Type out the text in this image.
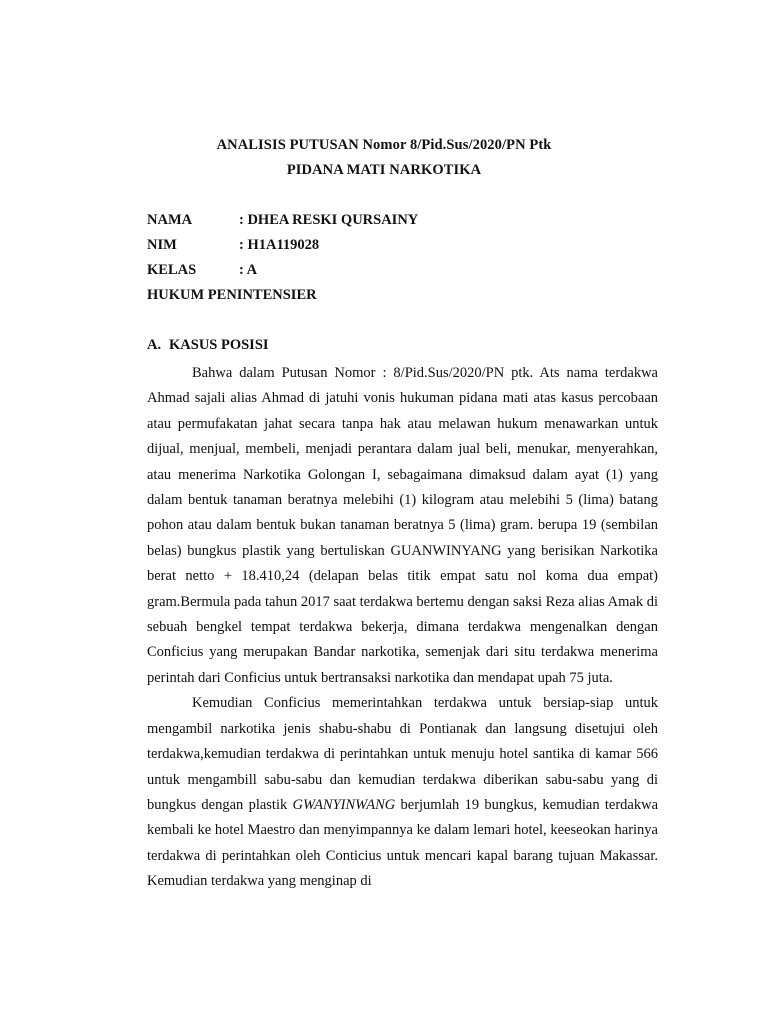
ANALISIS PUTUSAN Nomor 8/Pid.Sus/2020/PN Ptk
PIDANA MATI NARKOTIKA
NAMA	: DHEA RESKI QURSAINY
NIM	: H1A119028
KELAS	: A
HUKUM PENINTENSIER
A. KASUS POSISI

Bahwa dalam Putusan Nomor : 8/Pid.Sus/2020/PN ptk. Ats nama terdakwa Ahmad sajali alias Ahmad di jatuhi vonis hukuman pidana mati atas kasus percobaan atau permufakatan jahat secara tanpa hak atau melawan hukum menawarkan untuk dijual, menjual, membeli, menjadi perantara dalam jual beli, menukar, menyerahkan, atau menerima Narkotika Golongan I, sebagaimana dimaksud dalam ayat (1) yang dalam bentuk tanaman beratnya melebihi (1) kilogram atau melebihi 5 (lima) batang pohon atau dalam bentuk bukan tanaman beratnya 5 (lima) gram. berupa 19 (sembilan belas) bungkus plastik yang bertuliskan GUANWINYANG yang berisikan Narkotika berat netto + 18.410,24 (delapan belas titik empat satu nol koma dua empat) gram.Bermula pada tahun 2017 saat terdakwa bertemu dengan saksi Reza alias Amak di sebuah bengkel tempat terdakwa bekerja, dimana terdakwa mengenalkan dengan Conficius yang merupakan Bandar narkotika, semenjak dari situ terdakwa menerima perintah dari Conficius untuk bertransaksi narkotika dan mendapat upah 75 juta.

Kemudian Conficius memerintahkan terdakwa untuk bersiap-siap untuk mengambil narkotika jenis shabu-shabu di Pontianak dan langsung disetujui oleh terdakwa,kemudian terdakwa di perintahkan untuk menuju hotel santika di kamar 566 untuk mengambill sabu-sabu dan kemudian terdakwa diberikan sabu-sabu yang di bungkus dengan plastik GWANYINWANG berjumlah 19 bungkus, kemudian terdakwa kembali ke hotel Maestro dan menyimpannya ke dalam lemari hotel, keeseokan harinya terdakwa di perintahkan oleh Conticius untuk mencari kapal barang tujuan Makassar. Kemudian terdakwa yang menginap di
